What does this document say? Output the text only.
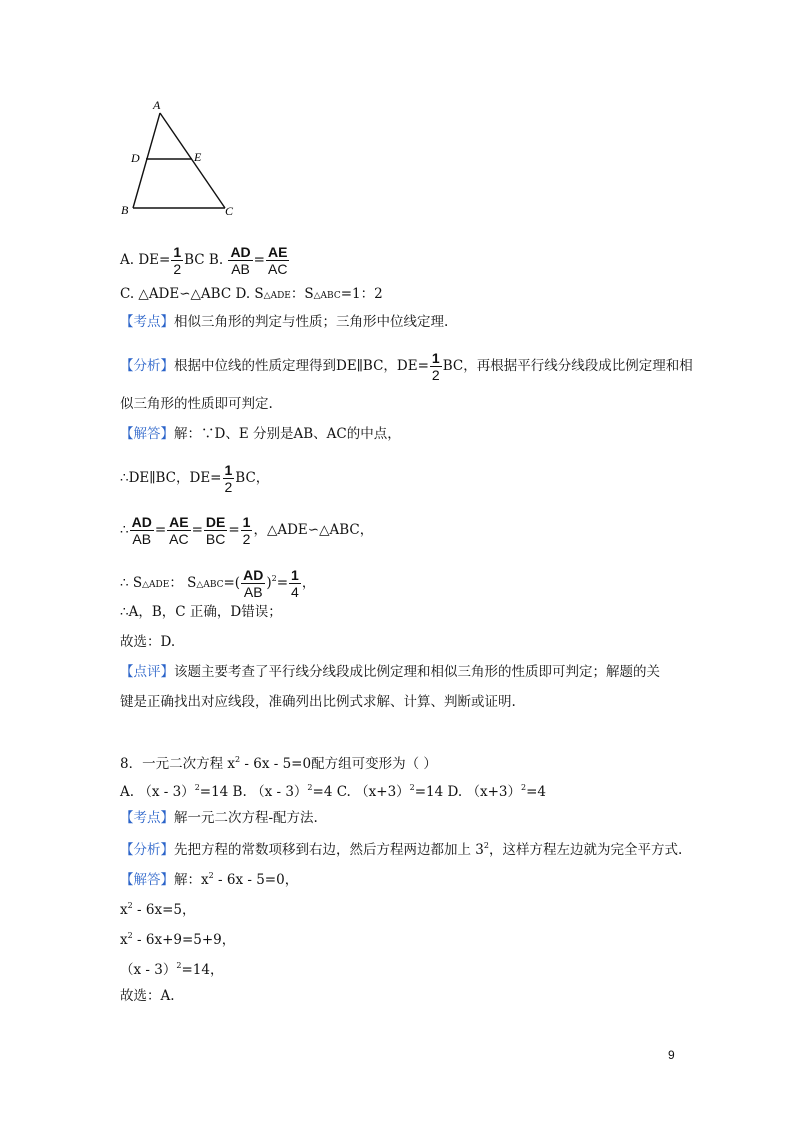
A
D	E
B	C
A. $DE= \frac{1}{2}$ BC B. $\frac{AD}{AB} = \frac{AE}{AC}$
C. △ADE∽△ABC D. S△ADE：S△ABC=1：2
【考点】相似三角形的判定与性质；三角形中位线定理.
【分析】根据中位线的性质定理得到DE∥BC，$DE= \frac{1}{2}$ BC，再根据平行线分线段成比例定理和相
似三角形的性质即可判定.
【解答】解：∵D、E 分别是AB、AC的中点，
∴DE∥BC，$DE= \frac{1}{2}$ BC，
∴ $\frac{AD}{AB} = \frac{AE}{AC} = \frac{DE}{BC} = \frac{1}{2}$ ，△ADE∽△ABC，
∴ S△ADE： S△ABC=( $\frac{AD}{AB} )^2= \frac{1}{4}$ ，
∴A，B，C 正确，D错误；
故选：D.
【点评】该题主要考查了平行线分线段成比例定理和相似三角形的性质即可判定；解题的关
键是正确找出对应线段，准确列出比例式求解、计算、判断或证明.
8．一元二次方程 $x^2 - 6x - 5=0$配方组可变形为（ ）
A. （x - 3）$^2$=14 B. （x - 3）$^2$=4 C. $(x+3)^2=14$ D. $(x+3)^2=4$
【考点】解一元二次方程-配方法.
【分析】先把方程的常数项移到右边，然后方程两边都加上 $3^2$，这样方程左边就为完全平方式.
【解答】解：$x^2 - 6x - 5=0$，
$x^2 - 6x=5$，
$x^2 - 6x+9=5+9$，
（x - 3）$^2$=14，
故选：A.
9
